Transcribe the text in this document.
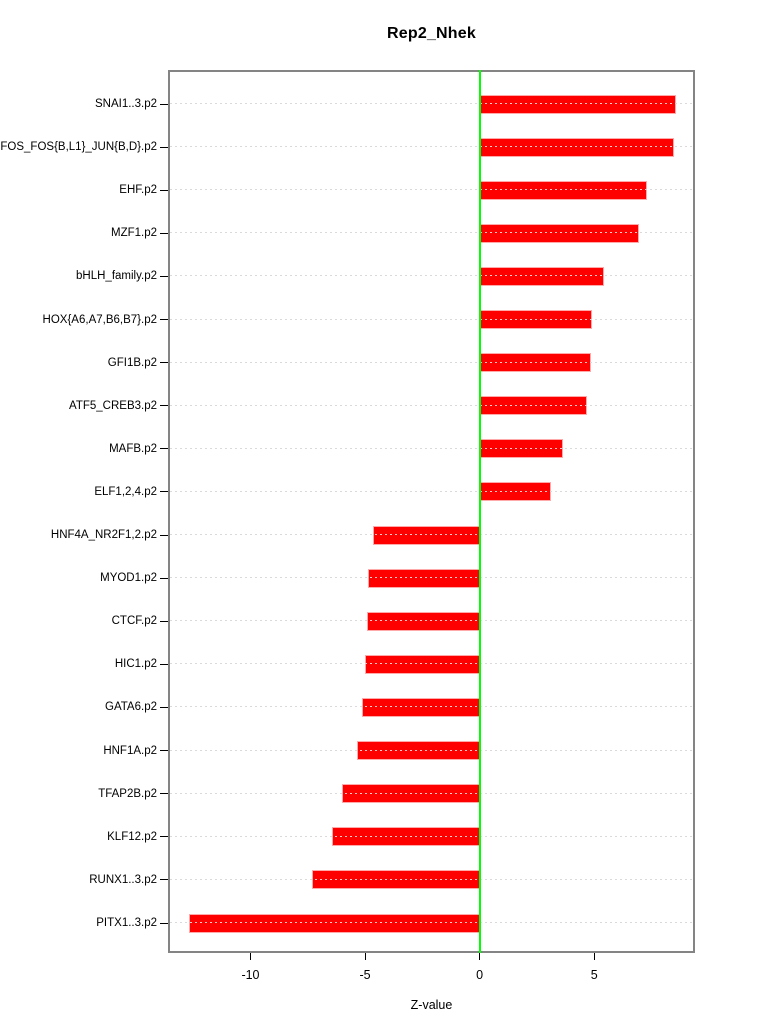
Rep2_Nhek
SNAI1..3.p2
FOS_FOS{B,L1}_JUN{B,D}.p2
EHF.p2
MZF1.p2
bHLH_family.p2
HOX{A6,A7,B6,B7}.p2
GFI1B.p2
ATF5_CREB3.p2
MAFB.p2
ELF1,2,4.p2
HNF4A_NR2F1,2.p2
MYOD1.p2
CTCF.p2
HIC1.p2
GATA6.p2
HNF1A.p2
TFAP2B.p2
KLF12.p2
RUNX1..3.p2
PITX1..3.p2
-10	-5	0	5
Z-value
